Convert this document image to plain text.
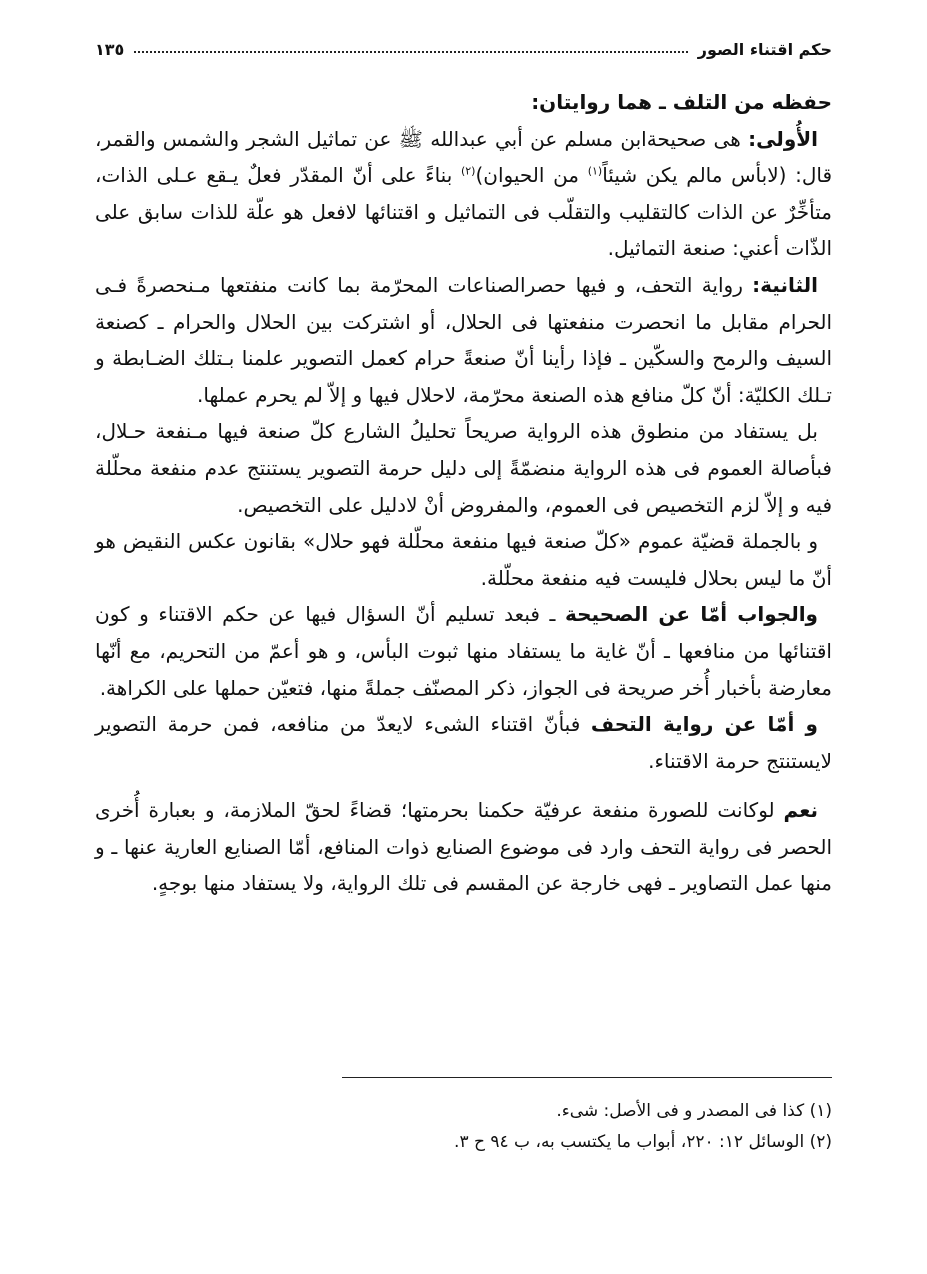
حكم اقتناء الصور
١٣٥

حفظه من التلف ـ هما روايتان:

الأُولى: هى صحيحةابن مسلم عن أبي عبدالله ﷺ عن تماثيل الشجر والشمس والقمر، قال: (لابأس مالم يكن شيئاً$^{(١)}$ من الحيوان)$^{(٢)}$ بناءً على أنّ المقدّر فعلٌ يـقع عـلى الذات، متأخِّرٌ عن الذات كالتقليب والتقلّب فى التماثيل و اقتنائها لافعل هو علّة للذات سابق على الذّات أعني: صنعة التماثيل.

الثانية: رواية التحف، و فيها حصرالصناعات المحرّمة بما كانت منفتعها مـنحصرةً فـى الحرام مقابل ما انحصرت منفعتها فى الحلال، أو اشتركت بين الحلال والحرام ـ كصنعة السيف والرمح والسكّين ـ فإذا رأينا أنّ صنعةً حرام كعمل التصوير علمنا بـتلك الضـابطة و تـلك الكليّة: أنّ كلّ منافع هذه الصنعة محرّمة، لاحلال فيها و إلاّ لم يحرم عملها.

بل يستفاد من منطوق هذه الرواية صريحاً تحليلُ الشارع كلّ صنعة فيها مـنفعة حـلال، فبأصالة العموم فى هذه الرواية منضمّةً إلى دليل حرمة التصوير يستنتج عدم منفعة محلّلة فيه و إلاّ لزم التخصيص فى العموم، والمفروض أنْ لادليل على التخصيص.

و بالجملة قضيّة عموم «كلّ صنعة فيها منفعة محلّلة فهو حلال» بقانون عكس النقيض هو أنّ ما ليس بحلال فليست فيه منفعة محلّلة.

والجواب أمّا عن الصحيحة ـ فبعد تسليم أنّ السؤال فيها عن حكم الاقتناء و كون اقتنائها من منافعها ـ أنّ غاية ما يستفاد منها ثبوت البأس، و هو أعمّ من التحريم، مع أنّها معارضة بأخبار أُخر صريحة فى الجواز، ذكر المصنّف جملةً منها، فتعيّن حملها على الكراهة.

و أمّا عن رواية التحف فبأنّ اقتناء الشىء لايعدّ من منافعه، فمن حرمة التصوير لايستنتج حرمة الاقتناء.

نعم لوكانت للصورة منفعة عرفيّة حكمنا بحرمتها؛ قضاءً لحقّ الملازمة، و بعبارة أُخرى الحصر فى رواية التحف وارد فى موضوع الصنايع ذوات المنافع، أمّا الصنايع العارية عنها ـ و منها عمل التصاوير ـ فهى خارجة عن المقسم فى تلك الرواية، ولا يستفاد منها بوجهٍ.

(١) كذا فى المصدر و فى الأصل: شىء.

(٢) الوسائل ١٢: ٢٢٠، أبواب ما يكتسب به، ب ٩٤ ح ٣.
